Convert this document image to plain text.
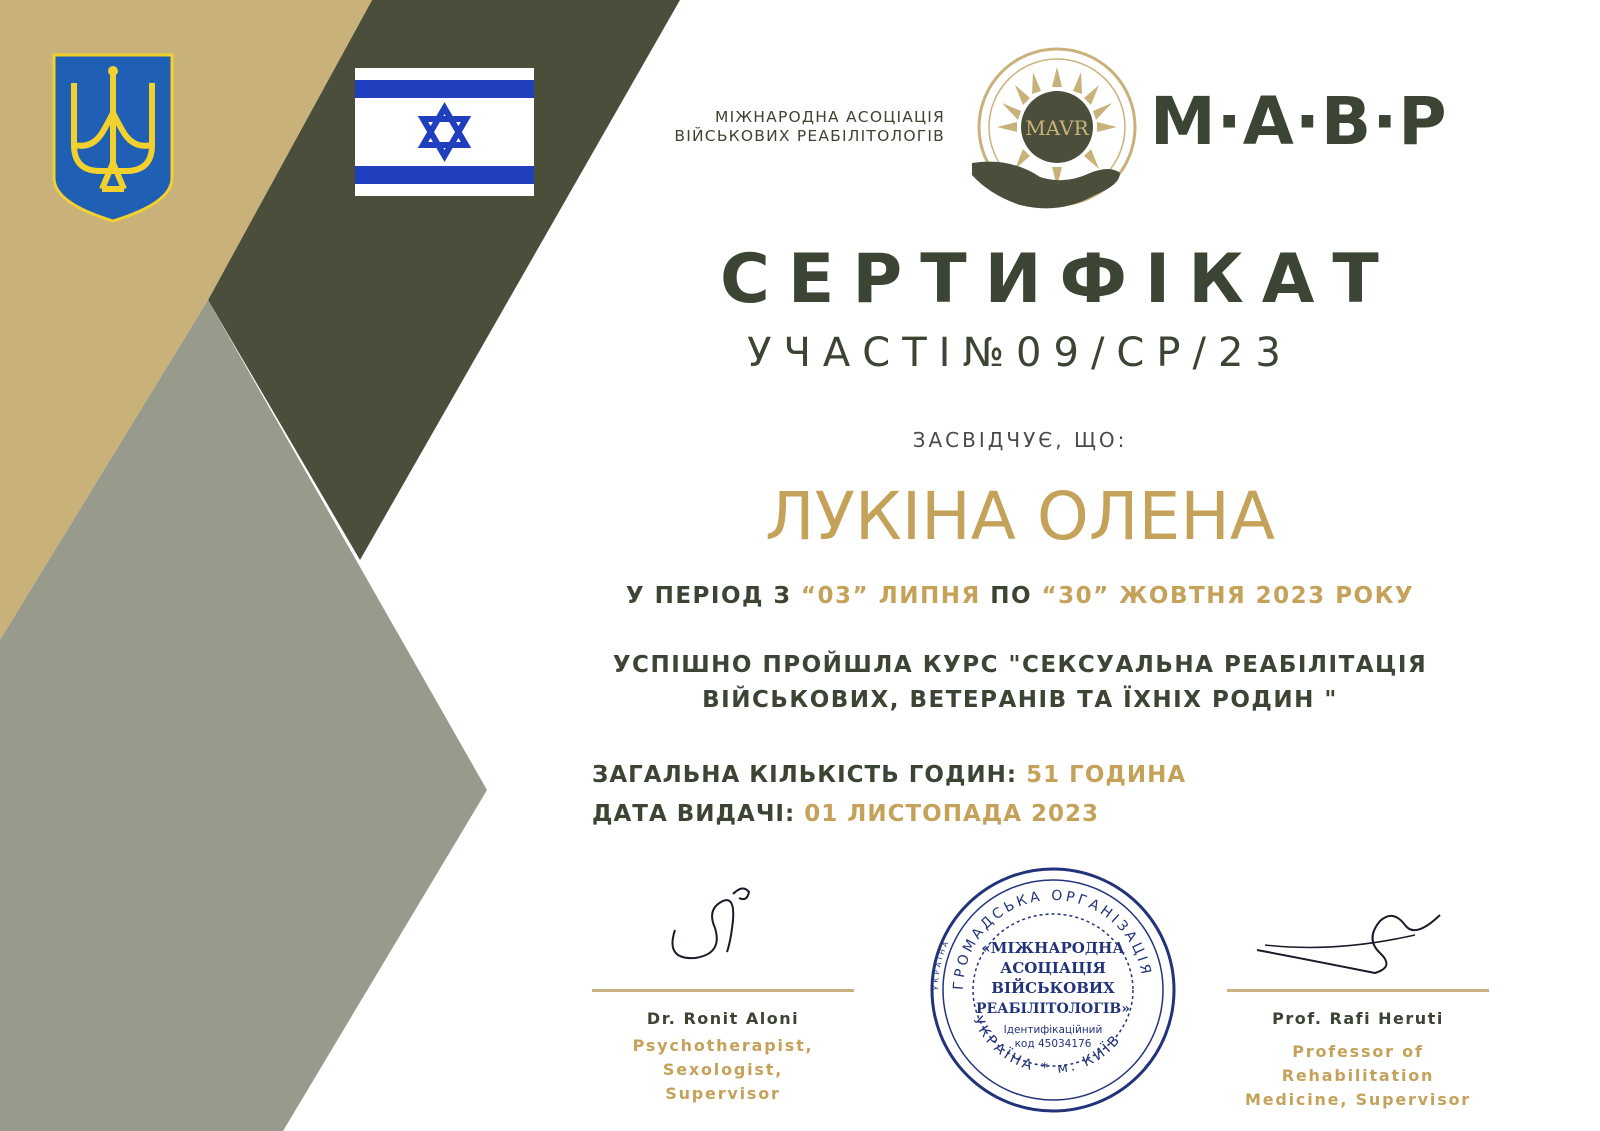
МІЖНАРОДНА АСОЦІАЦІЯ
ВІЙСЬКОВИХ РЕАБІЛІТОЛОГІВ	MAVR М·А·В·Р
СЕРТИФІКАТ
УЧАСТІ№09/СР/23
ЗАСВІДЧУЄ, ЩО:
ЛУКІНА ОЛЕНА
У ПЕРІОД З “03” ЛИПНЯ ПО “30” ЖОВТНЯ 2023 РОКУ
УСПІШНО ПРОЙШЛА КУРС "СЕКСУАЛЬНА РЕАБІЛІТАЦІЯ
ВІЙСЬКОВИХ, ВЕТЕРАНІВ ТА ЇХНІХ РОДИН "
ЗАГАЛЬНА КІЛЬКІСТЬ ГОДИН: 51 ГОДИНА
ДАТА ВИДАЧІ: 01 ЛИСТОПАДА 2023
Dr. Ronit Aloni
Psychotherapist,
Sexologist,
Supervisor
Prof. Rafi Heruti
Professor of
Rehabilitation
Medicine, Supervisor
УКРАЇНА
ГРОМАДСЬКА ОРГАНІЗАЦІЯ
УКРАЇНА * м. КИЇВ
«МІЖНАРОДНА
АСОЦІАЦІЯ
ВІЙСЬКОВИХ
РЕАБІЛІТОЛОГІВ»
Ідентифікаційний
код 45034176
